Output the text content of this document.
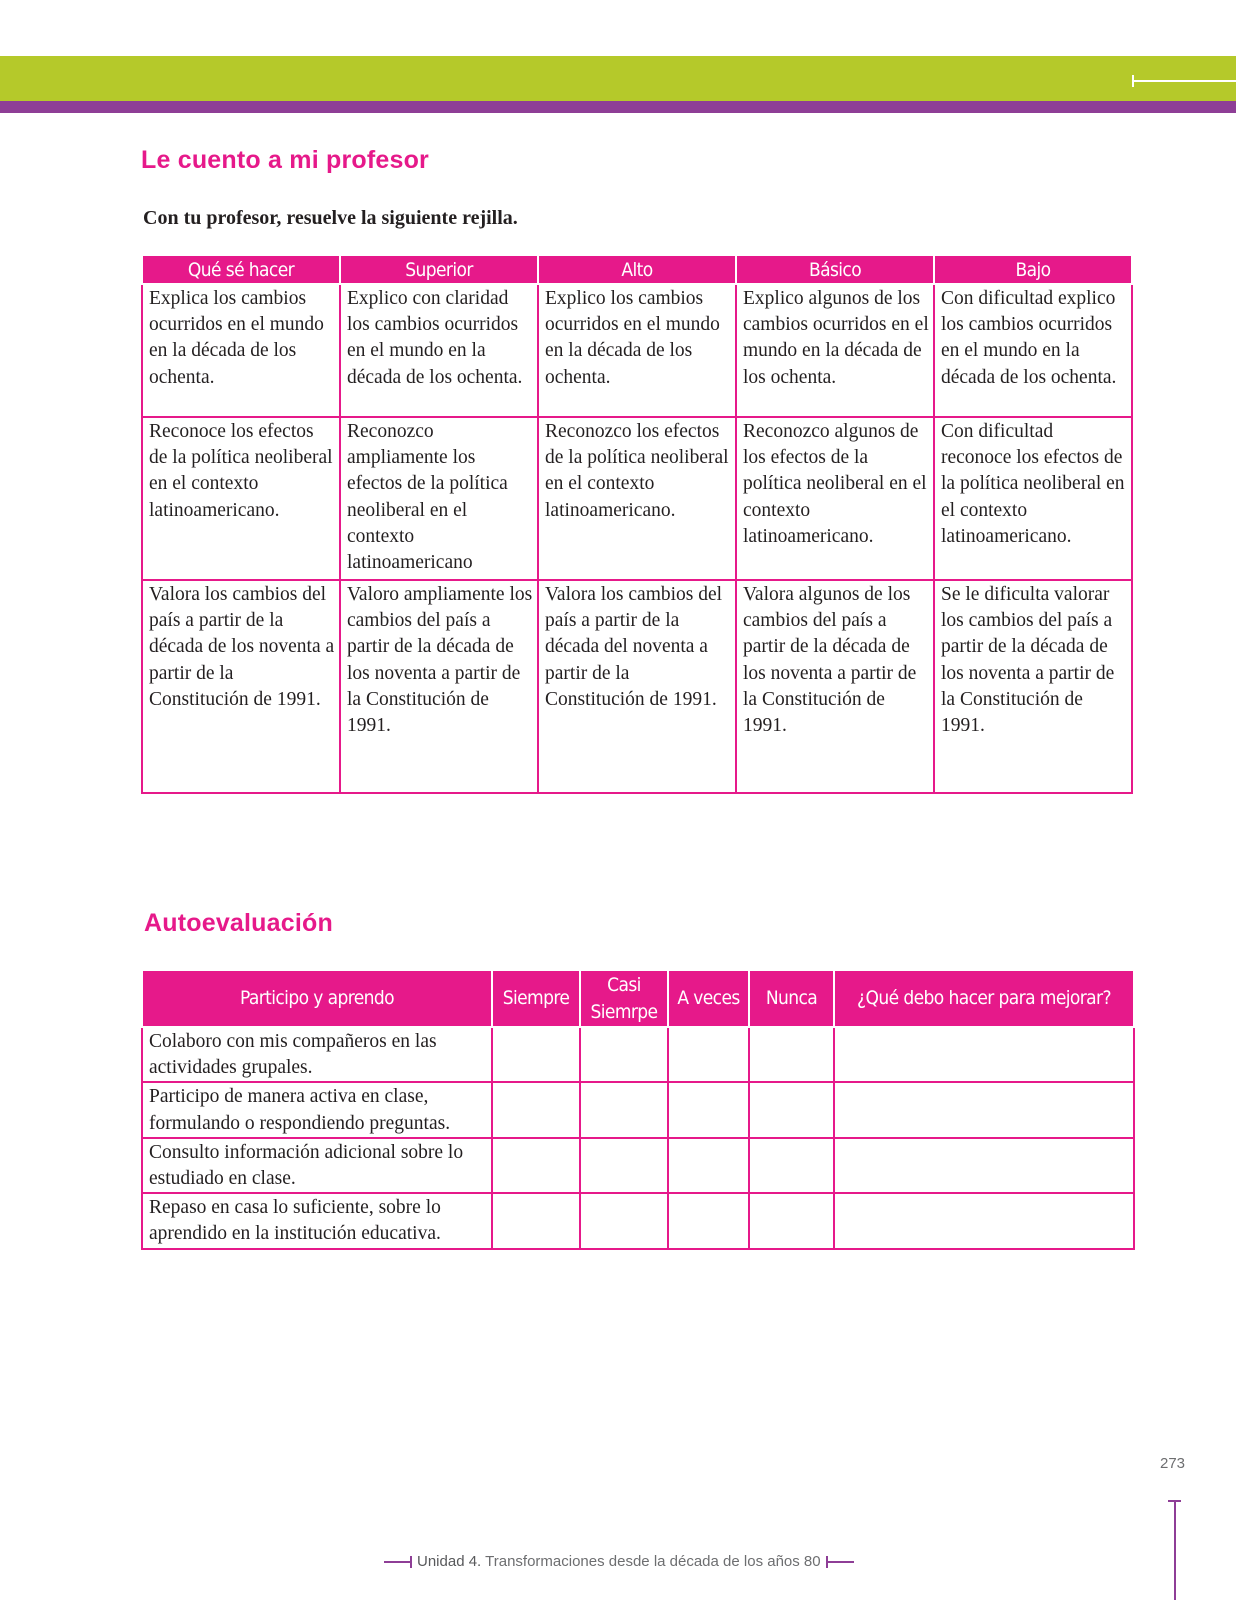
Le cuento a mi profesor

Con tu profesor, resuelve la siguiente rejilla.

Qué sé hacer	Superior	Alto	Básico	Bajo
Explica los cambios ocurridos en el mundo en la década de los ochenta.	Explico con claridad los cambios ocurridos en el mundo en la década de los ochenta.	Explico los cambios ocurridos en el mundo en la década de los ochenta.	Explico algunos de los cambios ocurridos en el mundo en la década de los ochenta.	Con dificultad explico los cambios ocurridos en el mundo en la década de los ochenta.
Reconoce los efectos de la política neoliberal en el contexto latinoamericano.	Reconozco ampliamente los efectos de la política neoliberal en el contexto latinoamericano	Reconozco los efectos de la política neoliberal en el contexto latinoamericano.	Reconozco algunos de los efectos de la política neoliberal en el contexto latinoamericano.	Con dificultad reconoce los efectos de la política neoliberal en el contexto latinoamericano.
Valora los cambios del país a partir de la década de los noventa a partir de la Constitución de 1991.	Valoro ampliamente los cambios del país a partir de la década de los noventa a partir de la Constitución de 1991.	Valora los cambios del país a partir de la década del noventa a partir de la Constitución de 1991.	Valora algunos de los cambios del país a partir de la década de los noventa a partir de la Constitución de 1991.	Se le dificulta valorar los cambios del país a partir de la década de los noventa a partir de la Constitución de 1991.
Autoevaluación
Participo y aprendo	Siempre	Casi Siemrpe	A veces	Nunca	¿Qué debo hacer para mejorar?
Colaboro con mis compañeros en las actividades grupales.					
Participo de manera activa en clase, formulando o respondiendo preguntas.					
Consulto información adicional sobre lo estudiado en clase.					
Repaso en casa lo suficiente, sobre lo aprendido en la institución educativa.					
273
Unidad 4. Transformaciones desde la década de los años 80
